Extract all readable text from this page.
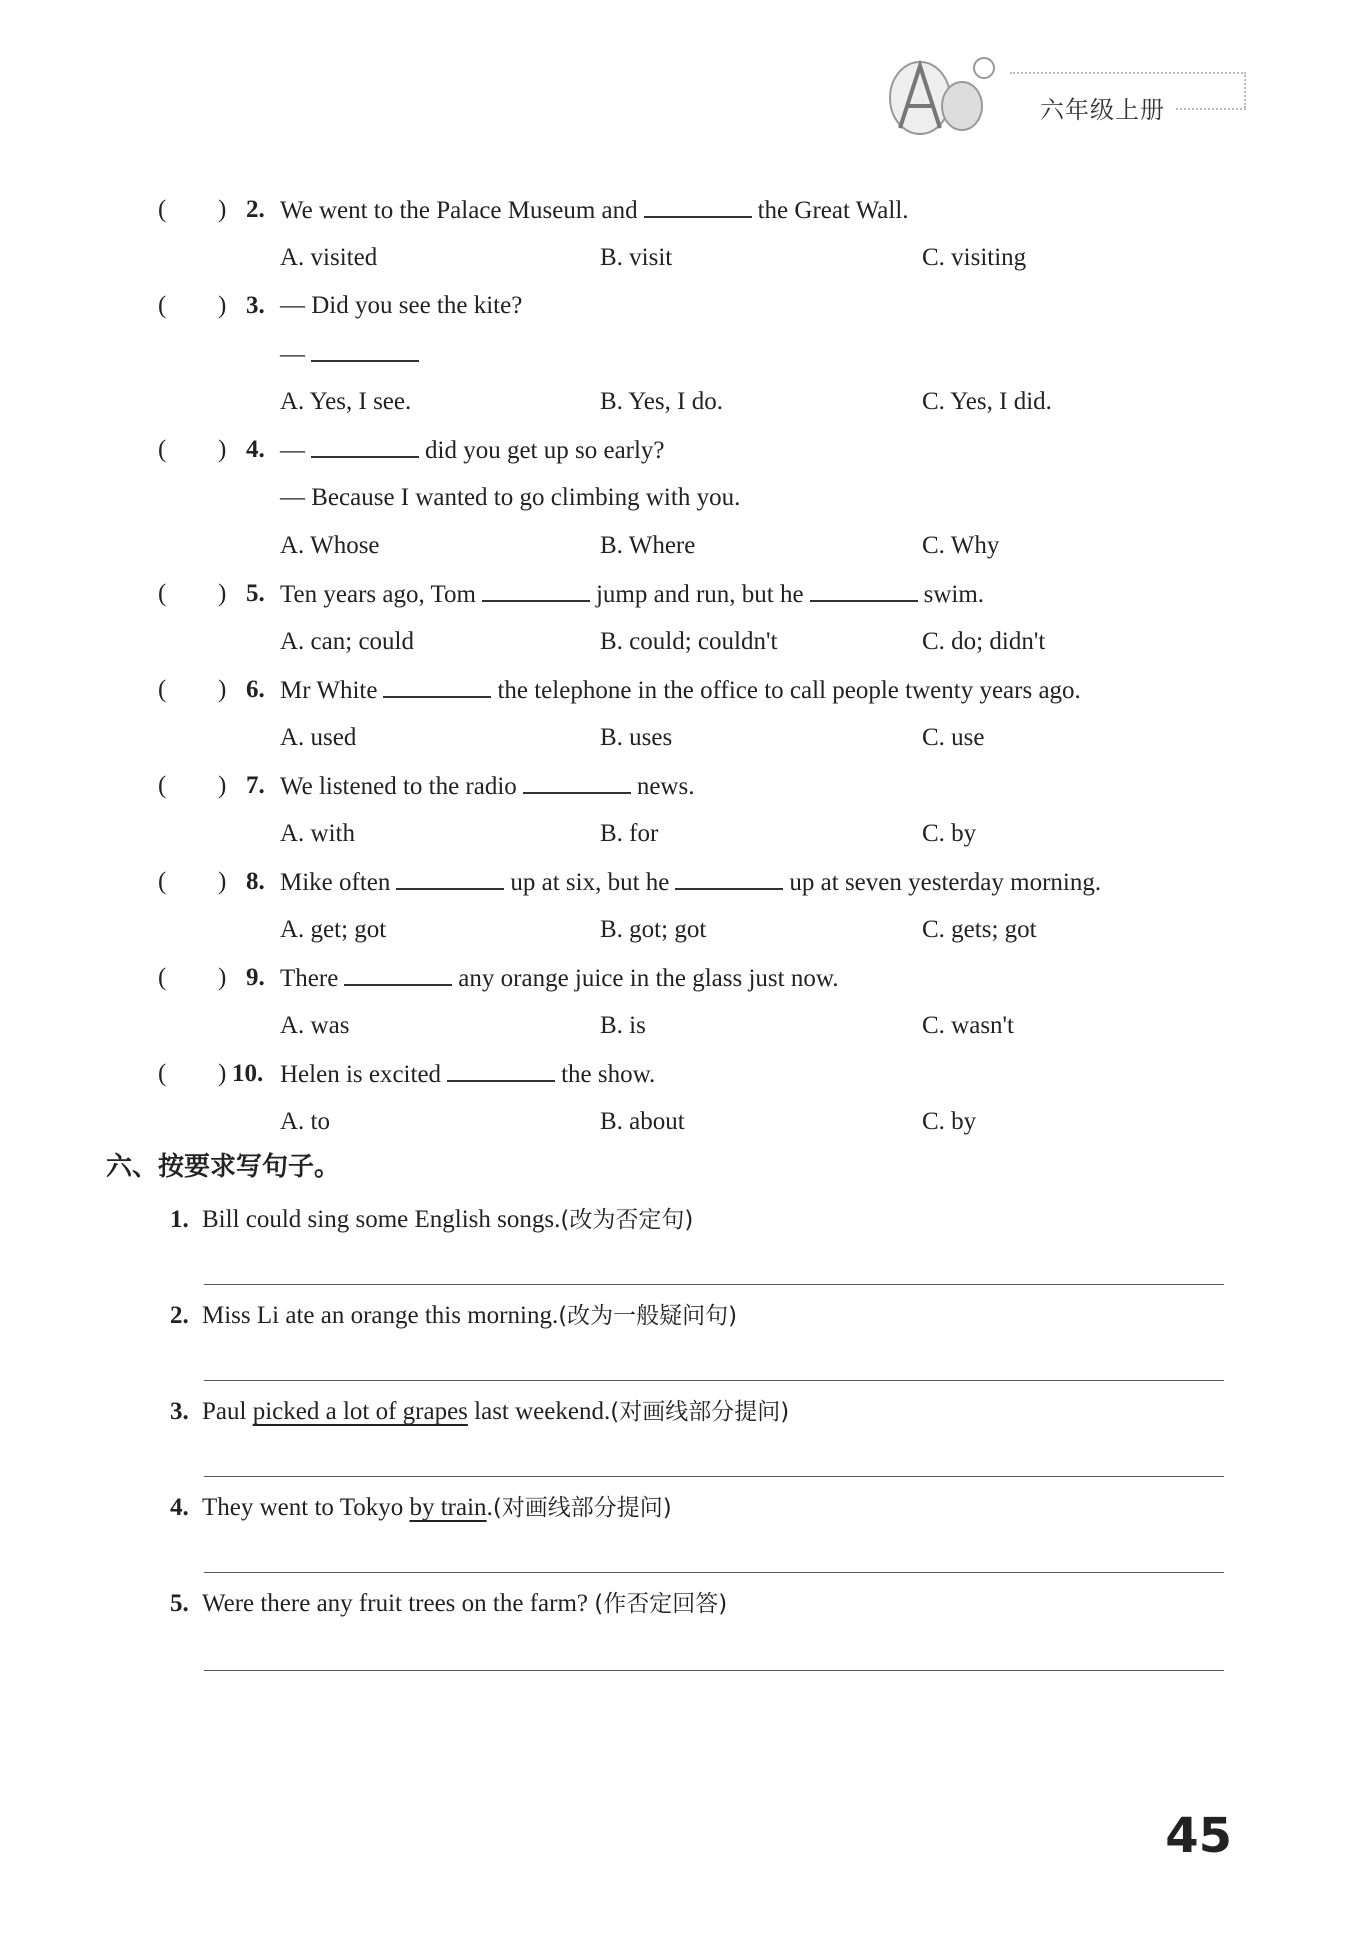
六年级上册
( ) 2. We went to the Palace Museum and	the Great Wall.
A. visited	B. visit	C. visiting
( ) 3. — Did you see the kite?
—
A. Yes, I see.	B. Yes, I do.	C. Yes, I did.
( ) 4. —	did you get up so early?
— Because I wanted to go climbing with you.
A. Whose	B. Where	C. Why
( ) 5. Ten years ago, Tom	jump and run, but he	swim.
A. can; could	B. could; couldn't	C. do; didn't
( ) 6. Mr White	the telephone in the office to call people twenty years ago.
A. used	B. uses	C. use
( ) 7. We listened to the radio	news.
A. with	B. for	C. by
( ) 8. Mike often	up at six, but he	up at seven yesterday morning.
A. get; got	B. got; got	C. gets; got
( ) 9. There	any orange juice in the glass just now.
A. was	B. is	C. wasn't
( ) 10. Helen is excited	the show.
A. to	B. about	C. by
六、按要求写句子。
1. Bill could sing some English songs.(改为否定句)
2. Miss Li ate an orange this morning.(改为一般疑问句)
3. Paul picked a lot of grapes last weekend.(对画线部分提问)
4. They went to Tokyo by train.(对画线部分提问)
5. Were there any fruit trees on the farm? (作否定回答)
45
